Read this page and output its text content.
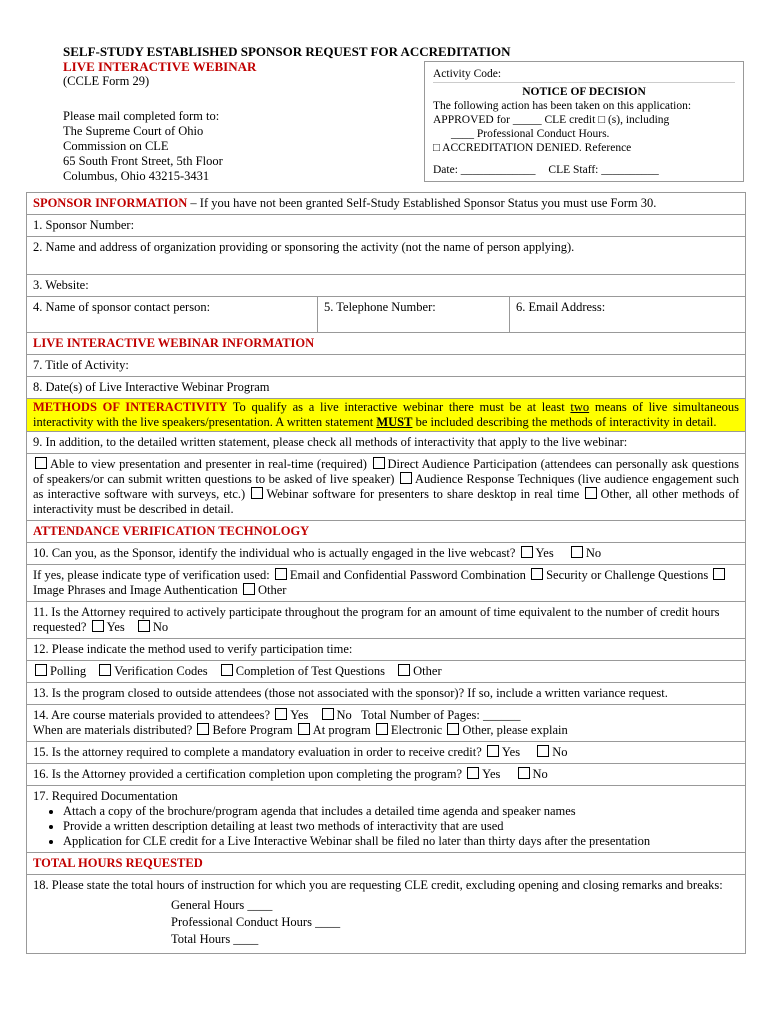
SELF-STUDY ESTABLISHED SPONSOR REQUEST FOR ACCREDITATION
LIVE INTERACTIVE WEBINAR
(CCLE Form 29)
Please mail completed form to:
The Supreme Court of Ohio
Commission on CLE
65 South Front Street, 5th Floor
Columbus, Ohio 43215-3431
Activity Code:
NOTICE OF DECISION
The following action has been taken on this application:
APPROVED for _____ CLE credit □ (s), including
____ Professional Conduct Hours.
□ ACCREDITATION DENIED. Reference
Date: _____________ CLE Staff: __________
SPONSOR INFORMATION – If you have not been granted Self-Study Established Sponsor Status you must use Form 30.
1. Sponsor Number:
2. Name and address of organization providing or sponsoring the activity (not the name of person applying).
3. Website:
4. Name of sponsor contact person:	5. Telephone Number:	6. Email Address:
LIVE INTERACTIVE WEBINAR INFORMATION
7. Title of Activity:
8. Date(s) of Live Interactive Webinar Program
METHODS OF INTERACTIVITY To qualify as a live interactive webinar there must be at least two means of live simultaneous interactivity with the live speakers/presentation. A written statement MUST be included describing the methods of interactivity in detail.
9. In addition, to the detailed written statement, please check all methods of interactivity that apply to the live webinar:
Able to view presentation and presenter in real-time (required) Direct Audience Participation (attendees can personally ask questions of speakers/or can submit written questions to be asked of live speaker) Audience Response Techniques (live audience engagement such as interactive software with surveys, etc.) Webinar software for presenters to share desktop in real time Other, all other methods of interactivity must be described in detail.
ATTENDANCE VERIFICATION TECHNOLOGY
10. Can you, as the Sponsor, identify the individual who is actually engaged in the live webcast? Yes	No
If yes, please indicate type of verification used: Email and Confidential Password Combination Security or Challenge Questions Image Phrases and Image Authentication Other
11. Is the Attorney required to actively participate throughout the program for an amount of time equivalent to the number of credit hours requested? Yes No
12. Please indicate the method used to verify participation time:
Polling Verification Codes Completion of Test Questions Other
13. Is the program closed to outside attendees (those not associated with the sponsor)? If so, include a written variance request.
14. Are course materials provided to attendees? Yes No Total Number of Pages: ______
When are materials distributed? Before Program At program Electronic Other, please explain
15. Is the attorney required to complete a mandatory evaluation in order to receive credit? Yes	No
16. Is the Attorney provided a certification completion upon completing the program? Yes	No
17. Required Documentation
• Attach a copy of the brochure/program agenda that includes a detailed time agenda and speaker names
• Provide a written description detailing at least two methods of interactivity that are used
• Application for CLE credit for a Live Interactive Webinar shall be filed no later than thirty days after the presentation
TOTAL HOURS REQUESTED
18. Please state the total hours of instruction for which you are requesting CLE credit, excluding opening and closing remarks and breaks:
General Hours ____
Professional Conduct Hours ____
Total Hours ____
